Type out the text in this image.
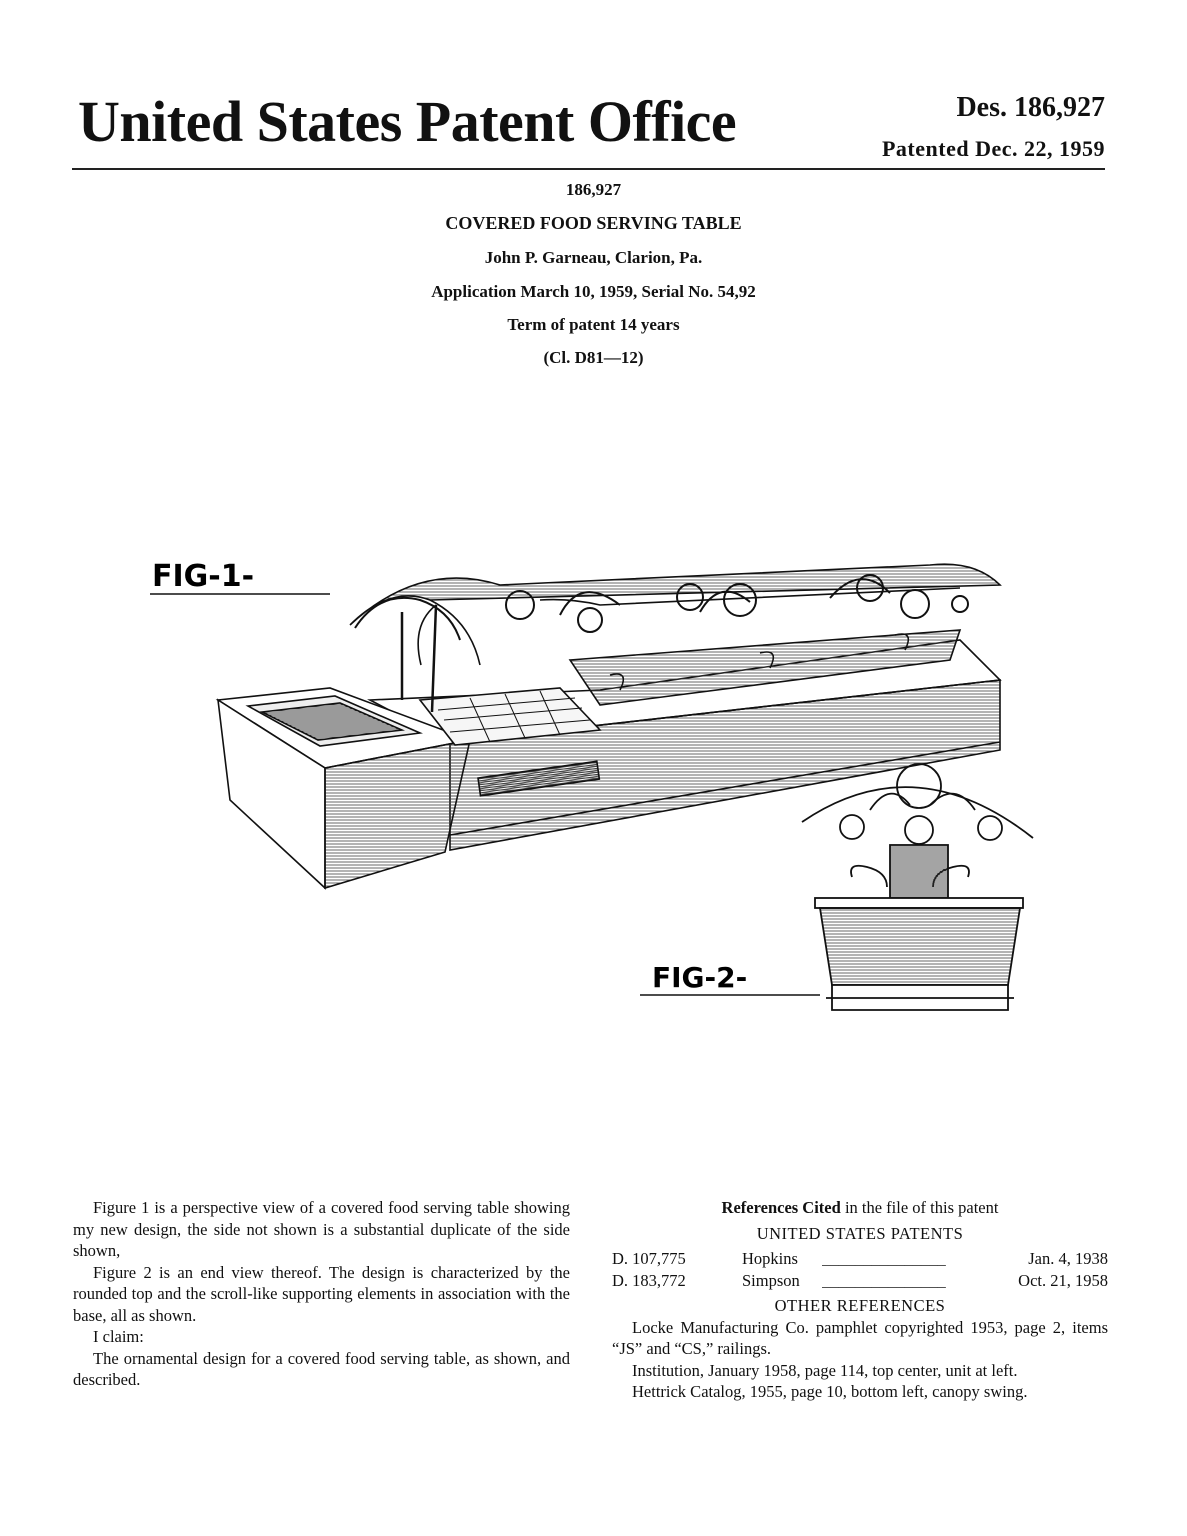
United States Patent Office	Des. 186,927
Patented Dec. 22, 1959
186,927
COVERED FOOD SERVING TABLE
John P. Garneau, Clarion, Pa.
Application March 10, 1959, Serial No. 54,92
Term of patent 14 years
(Cl. D81—12)
FIG-1-
FIG-2-

Figure 1 is a perspective view of a covered food serving table showing my new design, the side not shown is a substantial duplicate of the side shown,

Figure 2 is an end view thereof. The design is characterized by the rounded top and the scroll-like supporting elements in association with the base, all as shown.

I claim:

The ornamental design for a covered food serving table, as shown, and described.

References Cited in the file of this patent
UNITED STATES PATENTS
D. 107,775	Hopkins	_______________	Jan. 4, 1938
D. 183,772	Simpson	_______________	Oct. 21, 1958
OTHER REFERENCES

Locke Manufacturing Co. pamphlet copyrighted 1953, page 2, items “JS” and “CS,” railings.

Institution, January 1958, page 114, top center, unit at left.

Hettrick Catalog, 1955, page 10, bottom left, canopy swing.
